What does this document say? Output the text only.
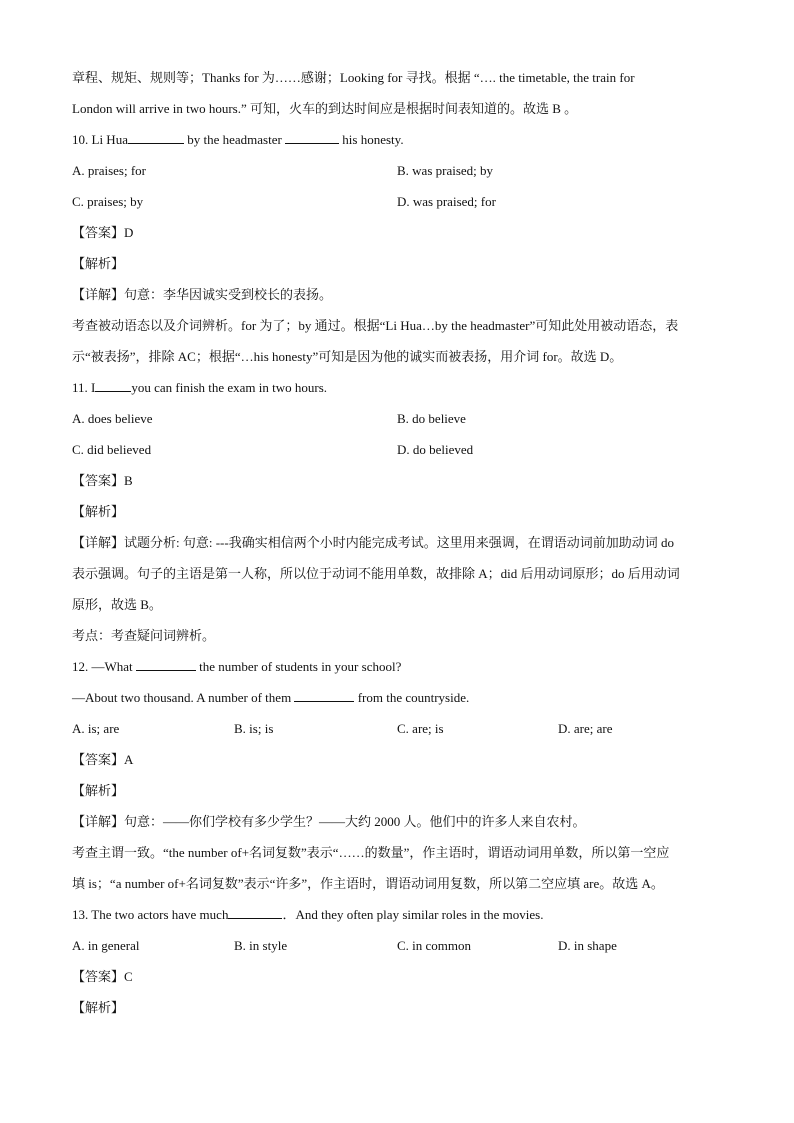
章程、规矩、规则等；Thanks for 为……感谢；Looking for 寻找。根据 “…. the timetable, the train for
London will arrive in two hours.” 可知，火车的到达时间应是根据时间表知道的。故选 B 。
10. Li Hua	by the headmaster	his honesty.
A. praises; for	B. was praised; by
C. praises; by	D. was praised; for
【答案】D
【解析】
【详解】句意：李华因诚实受到校长的表扬。
考查被动语态以及介词辨析。for 为了；by 通过。根据“Li Hua…by the headmaster”可知此处用被动语态，表
示“被表扬”，排除 AC；根据“…his honesty”可知是因为他的诚实而被表扬，用介词 for。故选 D。
11. I	you can finish the exam in two hours.
A. does believe	B. do believe
C. did believed	D. do believed
【答案】B
【解析】
【详解】试题分析: 句意: ---我确实相信两个小时内能完成考试。这里用来强调，在谓语动词前加助动词 do
表示强调。句子的主语是第一人称，所以位于动词不能用单数，故排除 A；did 后用动词原形；do 后用动词
原形，故选 B。
考点：考查疑问词辨析。
12. —What	the number of students in your school?
—About two thousand. A number of them	from the countryside.
A. is; are	B. is; is	C. are; is	D. are; are
【答案】A
【解析】
【详解】句意：——你们学校有多少学生？——大约 2000 人。他们中的许多人来自农村。
考查主谓一致。“the number of+名词复数”表示“……的数量”，作主语时，谓语动词用单数，所以第一空应
填 is；“a number of+名词复数”表示“许多”，作主语时，谓语动词用复数，所以第二空应填 are。故选 A。
13. The two actors have much	．And they often play similar roles in the movies.
A. in general	B. in style	C. in common	D. in shape
【答案】C
【解析】
